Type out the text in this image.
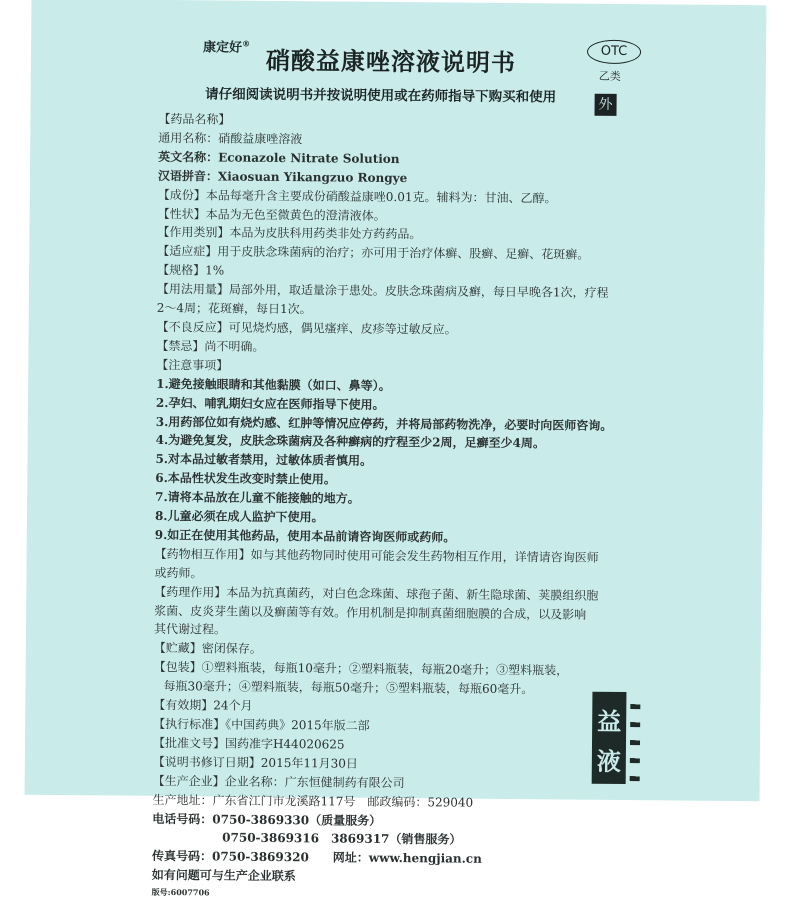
康定好®
硝酸益康唑溶液说明书
请仔细阅读说明书并按说明使用或在药师指导下购买和使用
OTC
乙类
外
【药品名称】
通用名称：硝酸益康唑溶液
英文名称：Econazole Nitrate Solution
汉语拼音：Xiaosuan Yikangzuo Rongye
【成份】本品每毫升含主要成份硝酸益康唑0.01克。辅料为：甘油、乙醇。
【性状】本品为无色至微黄色的澄清液体。
【作用类别】本品为皮肤科用药类非处方药药品。
【适应症】用于皮肤念珠菌病的治疗；亦可用于治疗体癣、股癣、足癣、花斑癣。
【规格】1%
【用法用量】局部外用，取适量涂于患处。皮肤念珠菌病及癣，每日早晚各1次，疗程
2～4周；花斑癣，每日1次。
【不良反应】可见烧灼感，偶见瘙痒、皮疹等过敏反应。
【禁忌】尚不明确。
【注意事项】
1.避免接触眼睛和其他黏膜（如口、鼻等）。
2.孕妇、哺乳期妇女应在医师指导下使用。
3.用药部位如有烧灼感、红肿等情况应停药，并将局部药物洗净，必要时向医师咨询。
4.为避免复发，皮肤念珠菌病及各种癣病的疗程至少2周，足癣至少4周。
5.对本品过敏者禁用，过敏体质者慎用。
6.本品性状发生改变时禁止使用。
7.请将本品放在儿童不能接触的地方。
8.儿童必须在成人监护下使用。
9.如正在使用其他药品，使用本品前请咨询医师或药师。
【药物相互作用】如与其他药物同时使用可能会发生药物相互作用，详情请咨询医师
或药师。
【药理作用】本品为抗真菌药，对白色念珠菌、球孢子菌、新生隐球菌、荚膜组织胞
浆菌、皮炎芽生菌以及癣菌等有效。作用机制是抑制真菌细胞膜的合成，以及影响
其代谢过程。
【贮藏】密闭保存。
【包装】①塑料瓶装，每瓶10毫升；②塑料瓶装，每瓶20毫升；③塑料瓶装，
每瓶30毫升；④塑料瓶装，每瓶50毫升；⑤塑料瓶装，每瓶60毫升。
【有效期】24个月
【执行标准】《中国药典》2015年版二部
【批准文号】国药准字H44020625
【说明书修订日期】2015年11月30日
【生产企业】企业名称：广东恒健制药有限公司
生产地址：广东省江门市龙溪路117号　邮政编码：529040
电话号码：0750-3869330（质量服务）
0750-3869316　3869317（销售服务）
传真号码：0750-3869320　　网址：www.hengjian.cn
如有问题可与生产企业联系
版号:6007706
益
液
